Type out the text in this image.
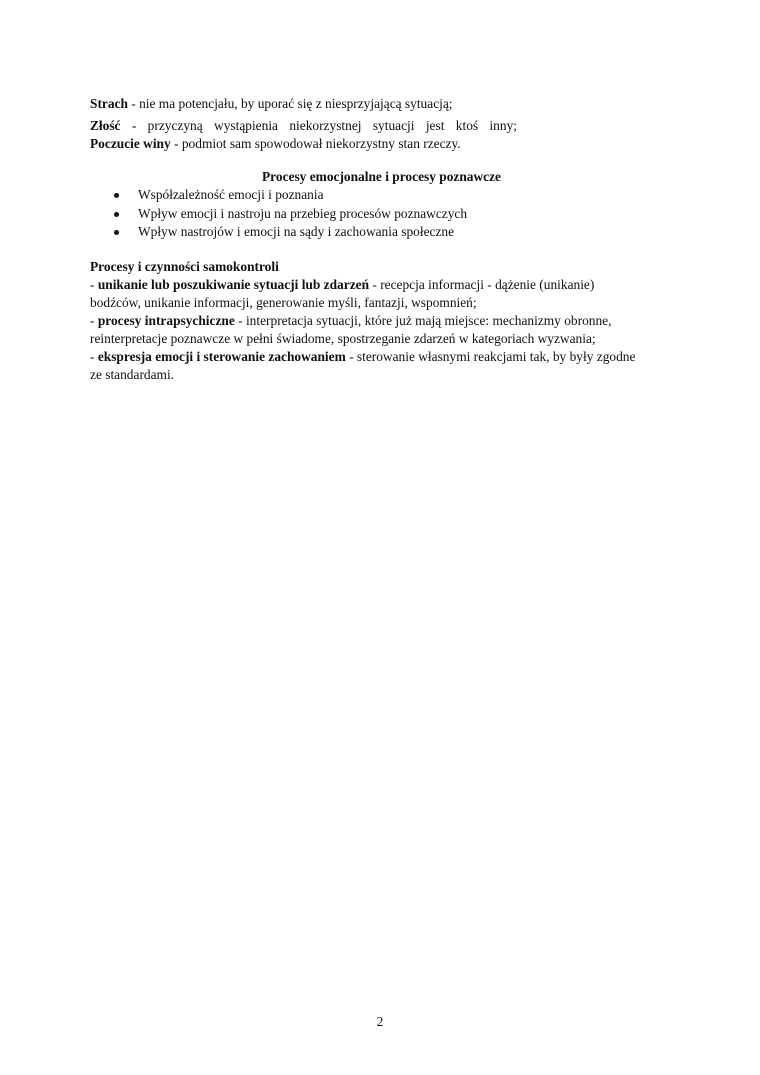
Strach - nie ma potencjału, by uporać się z niesprzyjającą sytuacją;
Złość - przyczyną wystąpienia niekorzystnej sytuacji jest ktoś inny;
Poczucie winy - podmiot sam spowodował niekorzystny stan rzeczy.
Procesy emocjonalne i procesy poznawcze
Współzależność emocji i poznania
Wpływ emocji i nastroju na przebieg procesów poznawczych
Wpływ nastrojów i emocji na sądy i zachowania społeczne
Procesy i czynności samokontroli
- unikanie lub poszukiwanie sytuacji lub zdarzeń - recepcja informacji - dążenie (unikanie)
bodźców, unikanie informacji, generowanie myśli, fantazji, wspomnień;
- procesy intrapsychiczne - interpretacja sytuacji, które już mają miejsce: mechanizmy obronne,
reinterpretacje poznawcze w pełni świadome, spostrzeganie zdarzeń w kategoriach wyzwania;
- ekspresja emocji i sterowanie zachowaniem - sterowanie własnymi reakcjami tak, by były zgodne
ze standardami.
2
